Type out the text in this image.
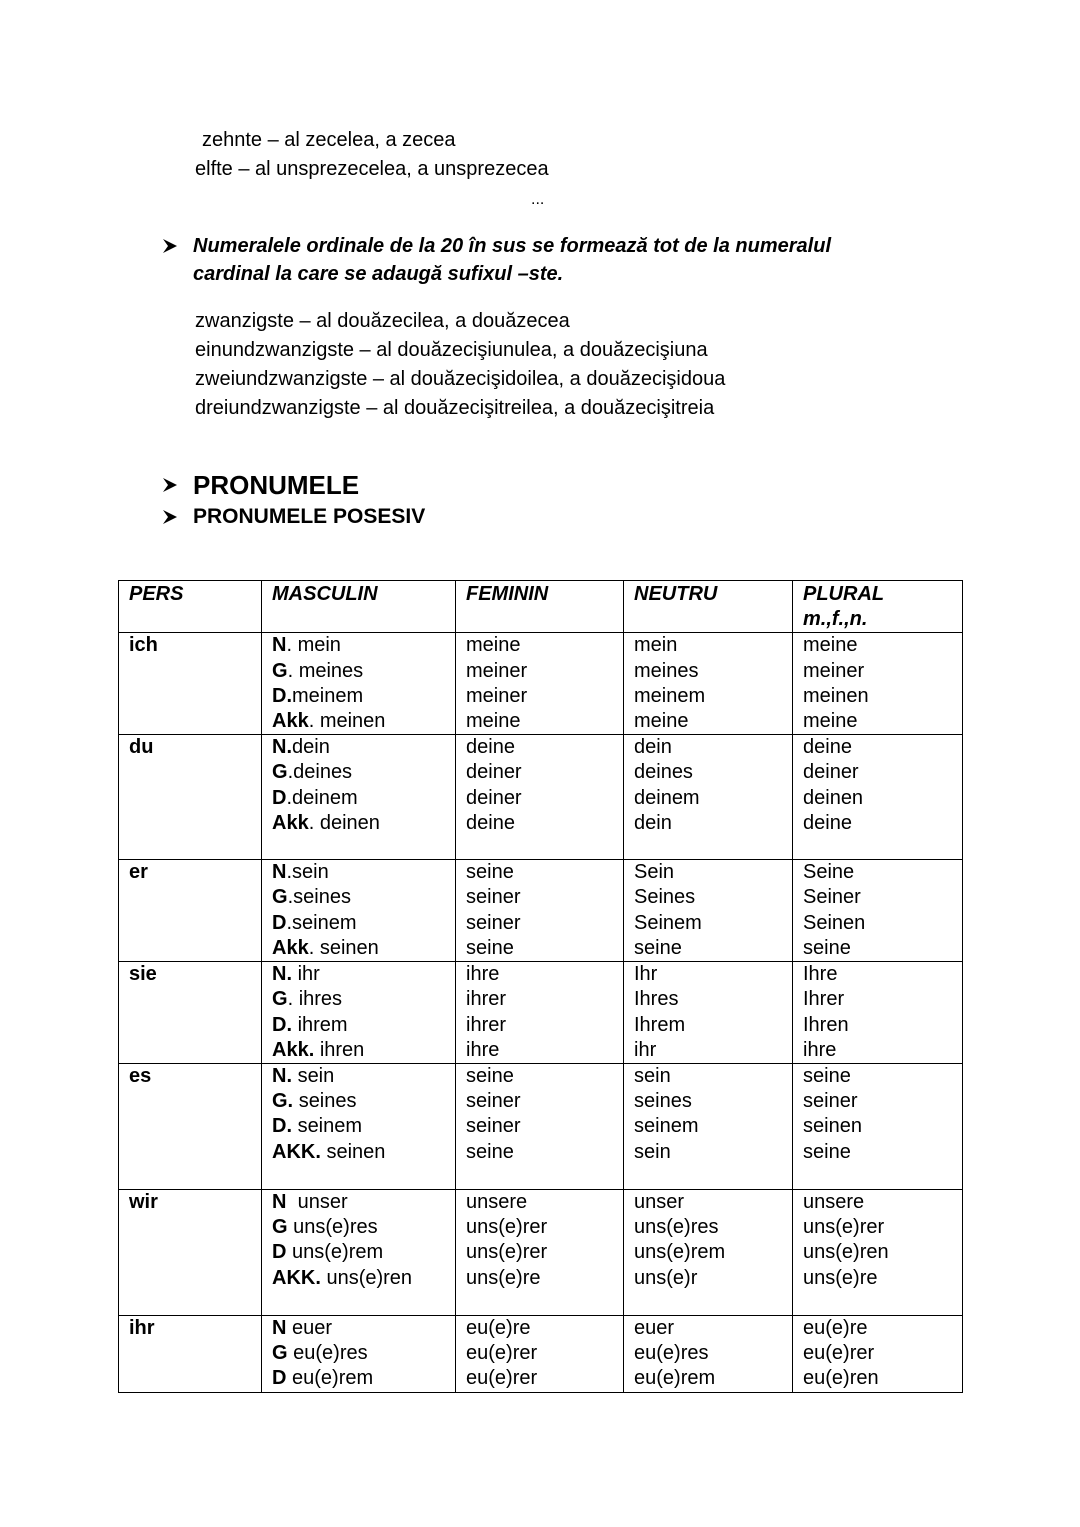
zehnte – al zecelea, a zecea
elfte – al unsprezecelea, a unsprezecea
...
Numeralele ordinale de la 20 în sus se formează tot de la numeralul
cardinal la care se adaugă sufixul –ste.
zwanzigste – al douăzecilea, a douăzecea
einundzwanzigste – al douăzecişiunulea, a douăzecişiuna
zweiundzwanzigste – al douăzecişidoilea, a douăzecişidoua
dreiundzwanzigste – al douăzecişitreilea, a douăzecişitreia
PRONUMELE
PRONUMELE POSESIV
PERS	MASCULIN	FEMININ	NEUTRU	PLURAL
m.,f.,n.

ich	N. mein
G. meines
D.meinem
Akk. meinen	meine
meiner
meiner
meine	mein
meines
meinem
meine	meine
meiner
meinen
meine

du	N.dein
G.deines
D.deinem
Akk. deinen	deine
deiner
deiner
deine	dein
deines
deinem
dein	deine
deiner
deinen
deine

er	N.sein
G.seines
D.seinem
Akk. seinen	seine
seiner
seiner
seine	Sein
Seines
Seinem
seine	Seine
Seiner
Seinen
seine

sie	N. ihr
G. ihres
D. ihrem
Akk. ihren	ihre
ihrer
ihrer
ihre	Ihr
Ihres
Ihrem
ihr	Ihre
Ihrer
Ihren
ihre

es	N. sein
G. seines
D. seinem
AKK. seinen	seine
seiner
seiner
seine	sein
seines
seinem
sein	seine
seiner
seinen
seine

wir	N unser
G uns(e)res
D uns(e)rem
AKK. uns(e)ren	unsere
uns(e)rer
uns(e)rer
uns(e)re	unser
uns(e)res
uns(e)rem
uns(e)r	unsere
uns(e)rer
uns(e)ren
uns(e)re

ihr	N euer
G eu(e)res
D eu(e)rem	eu(e)re
eu(e)rer
eu(e)rer	euer
eu(e)res
eu(e)rem	eu(e)re
eu(e)rer
eu(e)ren
